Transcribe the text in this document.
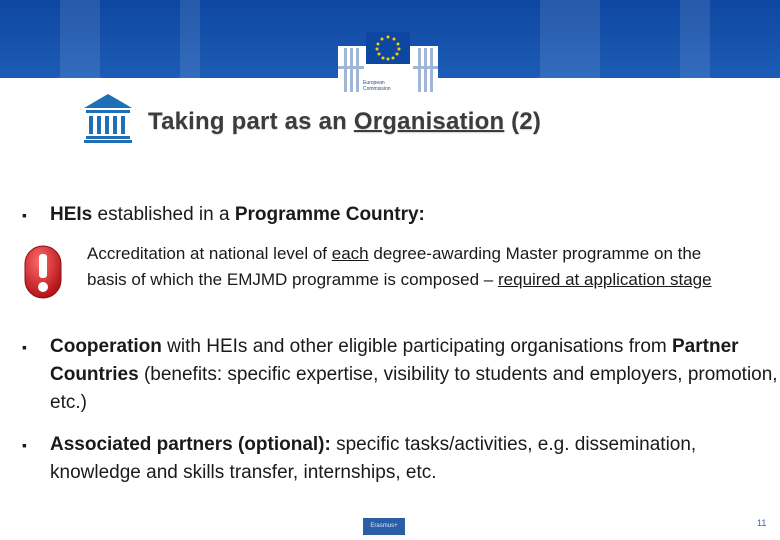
European
Commission
Taking part as an Organisation (2)
▪ HEIs established in a Programme Country:
Accreditation at national level of each degree-awarding Master programme on the basis of which the EMJMD programme is composed – required at application stage
▪ Cooperation with HEIs and other eligible participating organisations from Partner Countries (benefits: specific expertise, visibility to students and employers, promotion, etc.)
▪ Associated partners (optional): specific tasks/activities, e.g. dissemination, knowledge and skills transfer, internships, etc.
Erasmus+	11
